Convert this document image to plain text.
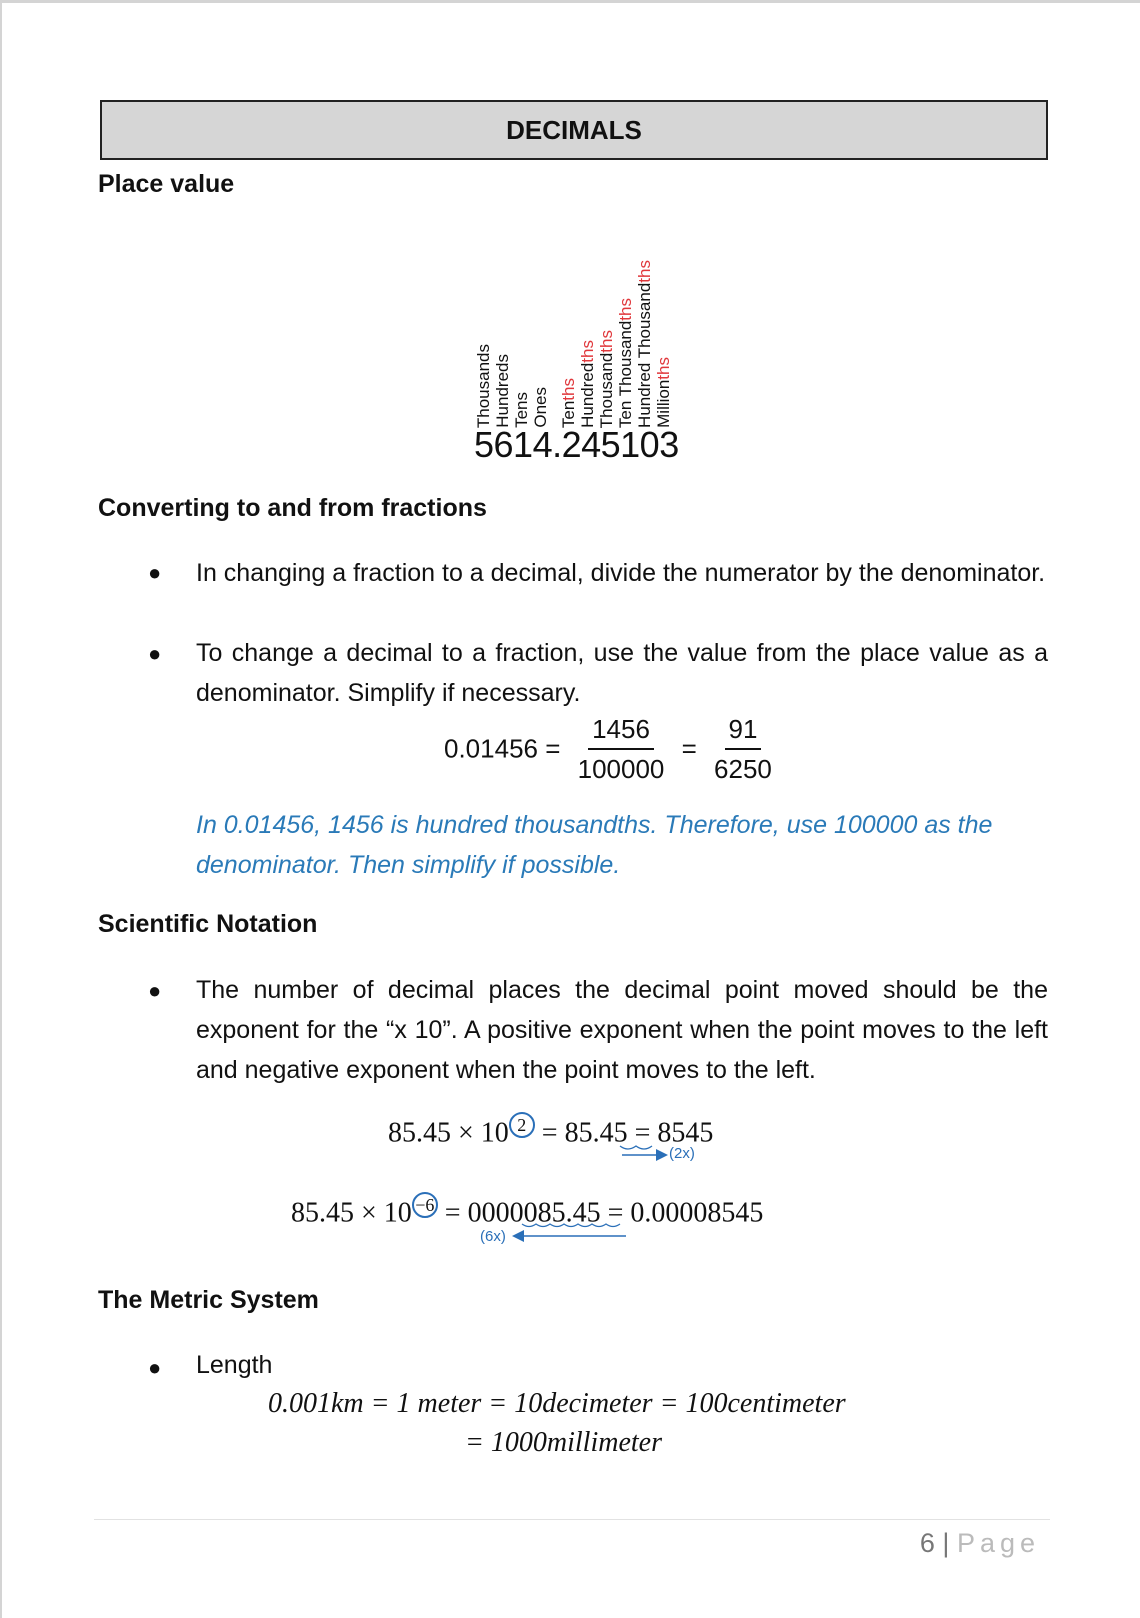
DECIMALS
Place value
Thousands Hundreds Tens Ones Tenths Hundredths
Thousandths Ten Thousandths Hundred Thousandths
Millionths
5614.245103
Converting to and from fractions
● In changing a fraction to a decimal, divide the numerator by the denominator.
● To change a decimal to a fraction, use the value from the place value as a denominator. Simplify if necessary.
$0.01456 = \frac{1456}{100000} = \frac{91}{6250}$
In 0.01456, 1456 is hundred thousandths. Therefore, use 100000 as the denominator. Then simplify if possible.
Scientific Notation
● The number of decimal places the decimal point moved should be the exponent for the “x 10”. A positive exponent when the point moves to the left and negative exponent when the point moves to the left.
85.45 × 10 2 = 85.45 = 8545
(2x)
85.45 × 10 −6 = 0000085.45 = 0.00008545
(6x)
The Metric System
● Length
0.001km = 1 meter = 10decimeter = 100centimeter
= 1000millimeter
6 | Page
